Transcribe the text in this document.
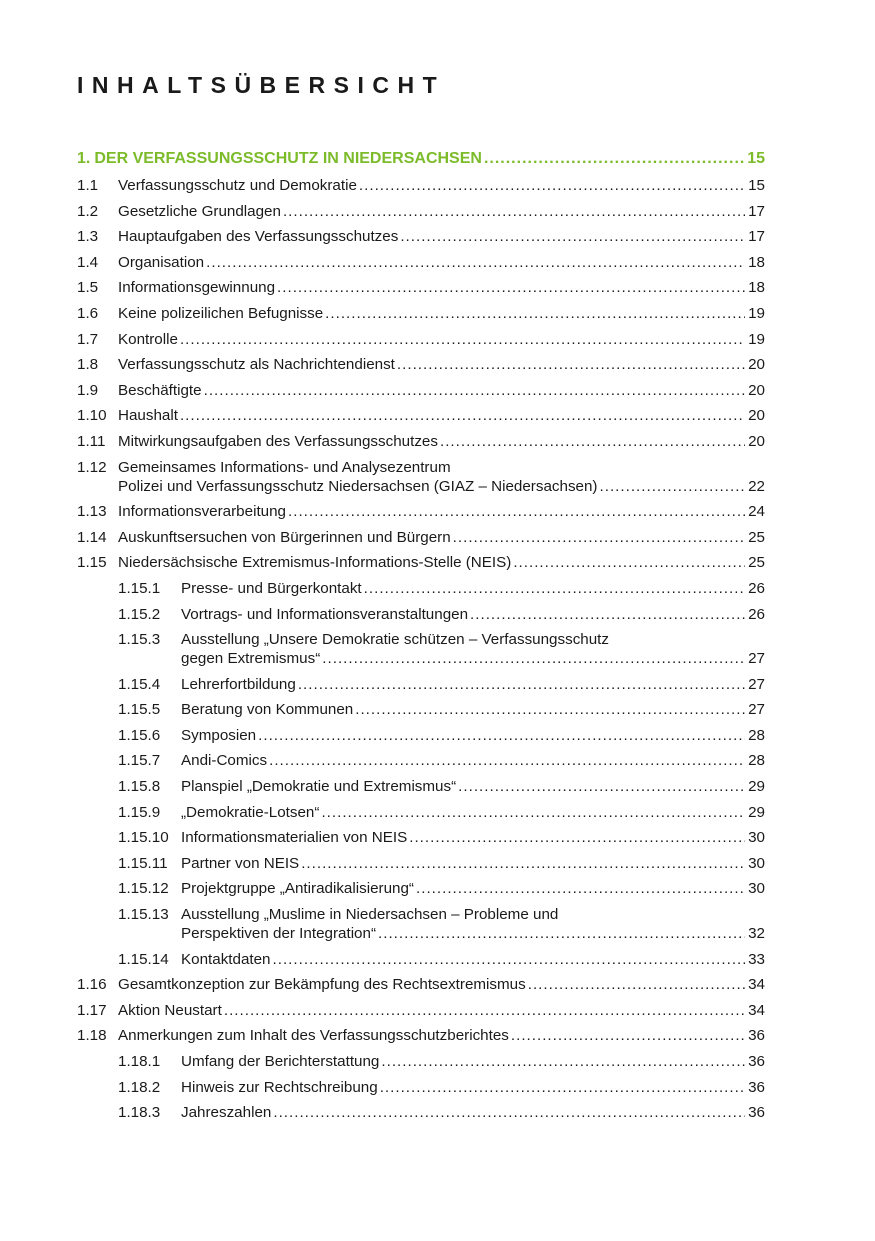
INHALTSÜBERSICHT
1. DER VERFASSUNGSSCHUTZ IN NIEDERSACHSEN .....	15
1.1	Verfassungsschutz und Demokratie .....	15
1.2	Gesetzliche Grundlagen .....	17
1.3	Hauptaufgaben des Verfassungsschutzes .....	17
1.4	Organisation .....	18
1.5	Informationsgewinnung .....	18
1.6	Keine polizeilichen Befugnisse .....	19
1.7	Kontrolle .....	19
1.8	Verfassungsschutz als Nachrichtendienst .....	20
1.9	Beschäftigte .....	20
1.10 Haushalt .....	20
1.11 Mitwirkungsaufgaben des Verfassungsschutzes .....	20
1.12 Gemeinsames Informations- und Analysezentrum
Polizei und Verfassungsschutz Niedersachsen (GIAZ – Niedersachsen) .....	22
1.13 Informationsverarbeitung .....	24
1.14 Auskunftsersuchen von Bürgerinnen und Bürgern .....	25
1.15 Niedersächsische Extremismus-Informations-Stelle (NEIS) .....	25
1.15.1	Presse- und Bürgerkontakt .....	26
1.15.2	Vortrags- und Informationsveranstaltungen .....	26
1.15.3	Ausstellung „Unsere Demokratie schützen – Verfassungsschutz
gegen Extremismus“ .....	27
1.15.4	Lehrerfortbildung .....	27
1.15.5	Beratung von Kommunen .....	27
1.15.6	Symposien .....	28
1.15.7	Andi-Comics .....	28
1.15.8	Planspiel „Demokratie und Extremismus“ .....	29
1.15.9	„Demokratie-Lotsen“ .....	29
1.15.10 Informationsmaterialien von NEIS .....	30
1.15.11 Partner von NEIS .....	30
1.15.12 Projektgruppe „Antiradikalisierung“ .....	30
1.15.13 Ausstellung „Muslime in Niedersachsen – Probleme und
Perspektiven der Integration“ .....	32
1.15.14 Kontaktdaten .....	33
1.16 Gesamtkonzeption zur Bekämpfung des Rechtsextremismus .....	34
1.17 Aktion Neustart .....	34
1.18 Anmerkungen zum Inhalt des Verfassungsschutzberichtes .....	36
1.18.1	Umfang der Berichterstattung .....	36
1.18.2	Hinweis zur Rechtschreibung .....	36
1.18.3	Jahreszahlen .....	36
